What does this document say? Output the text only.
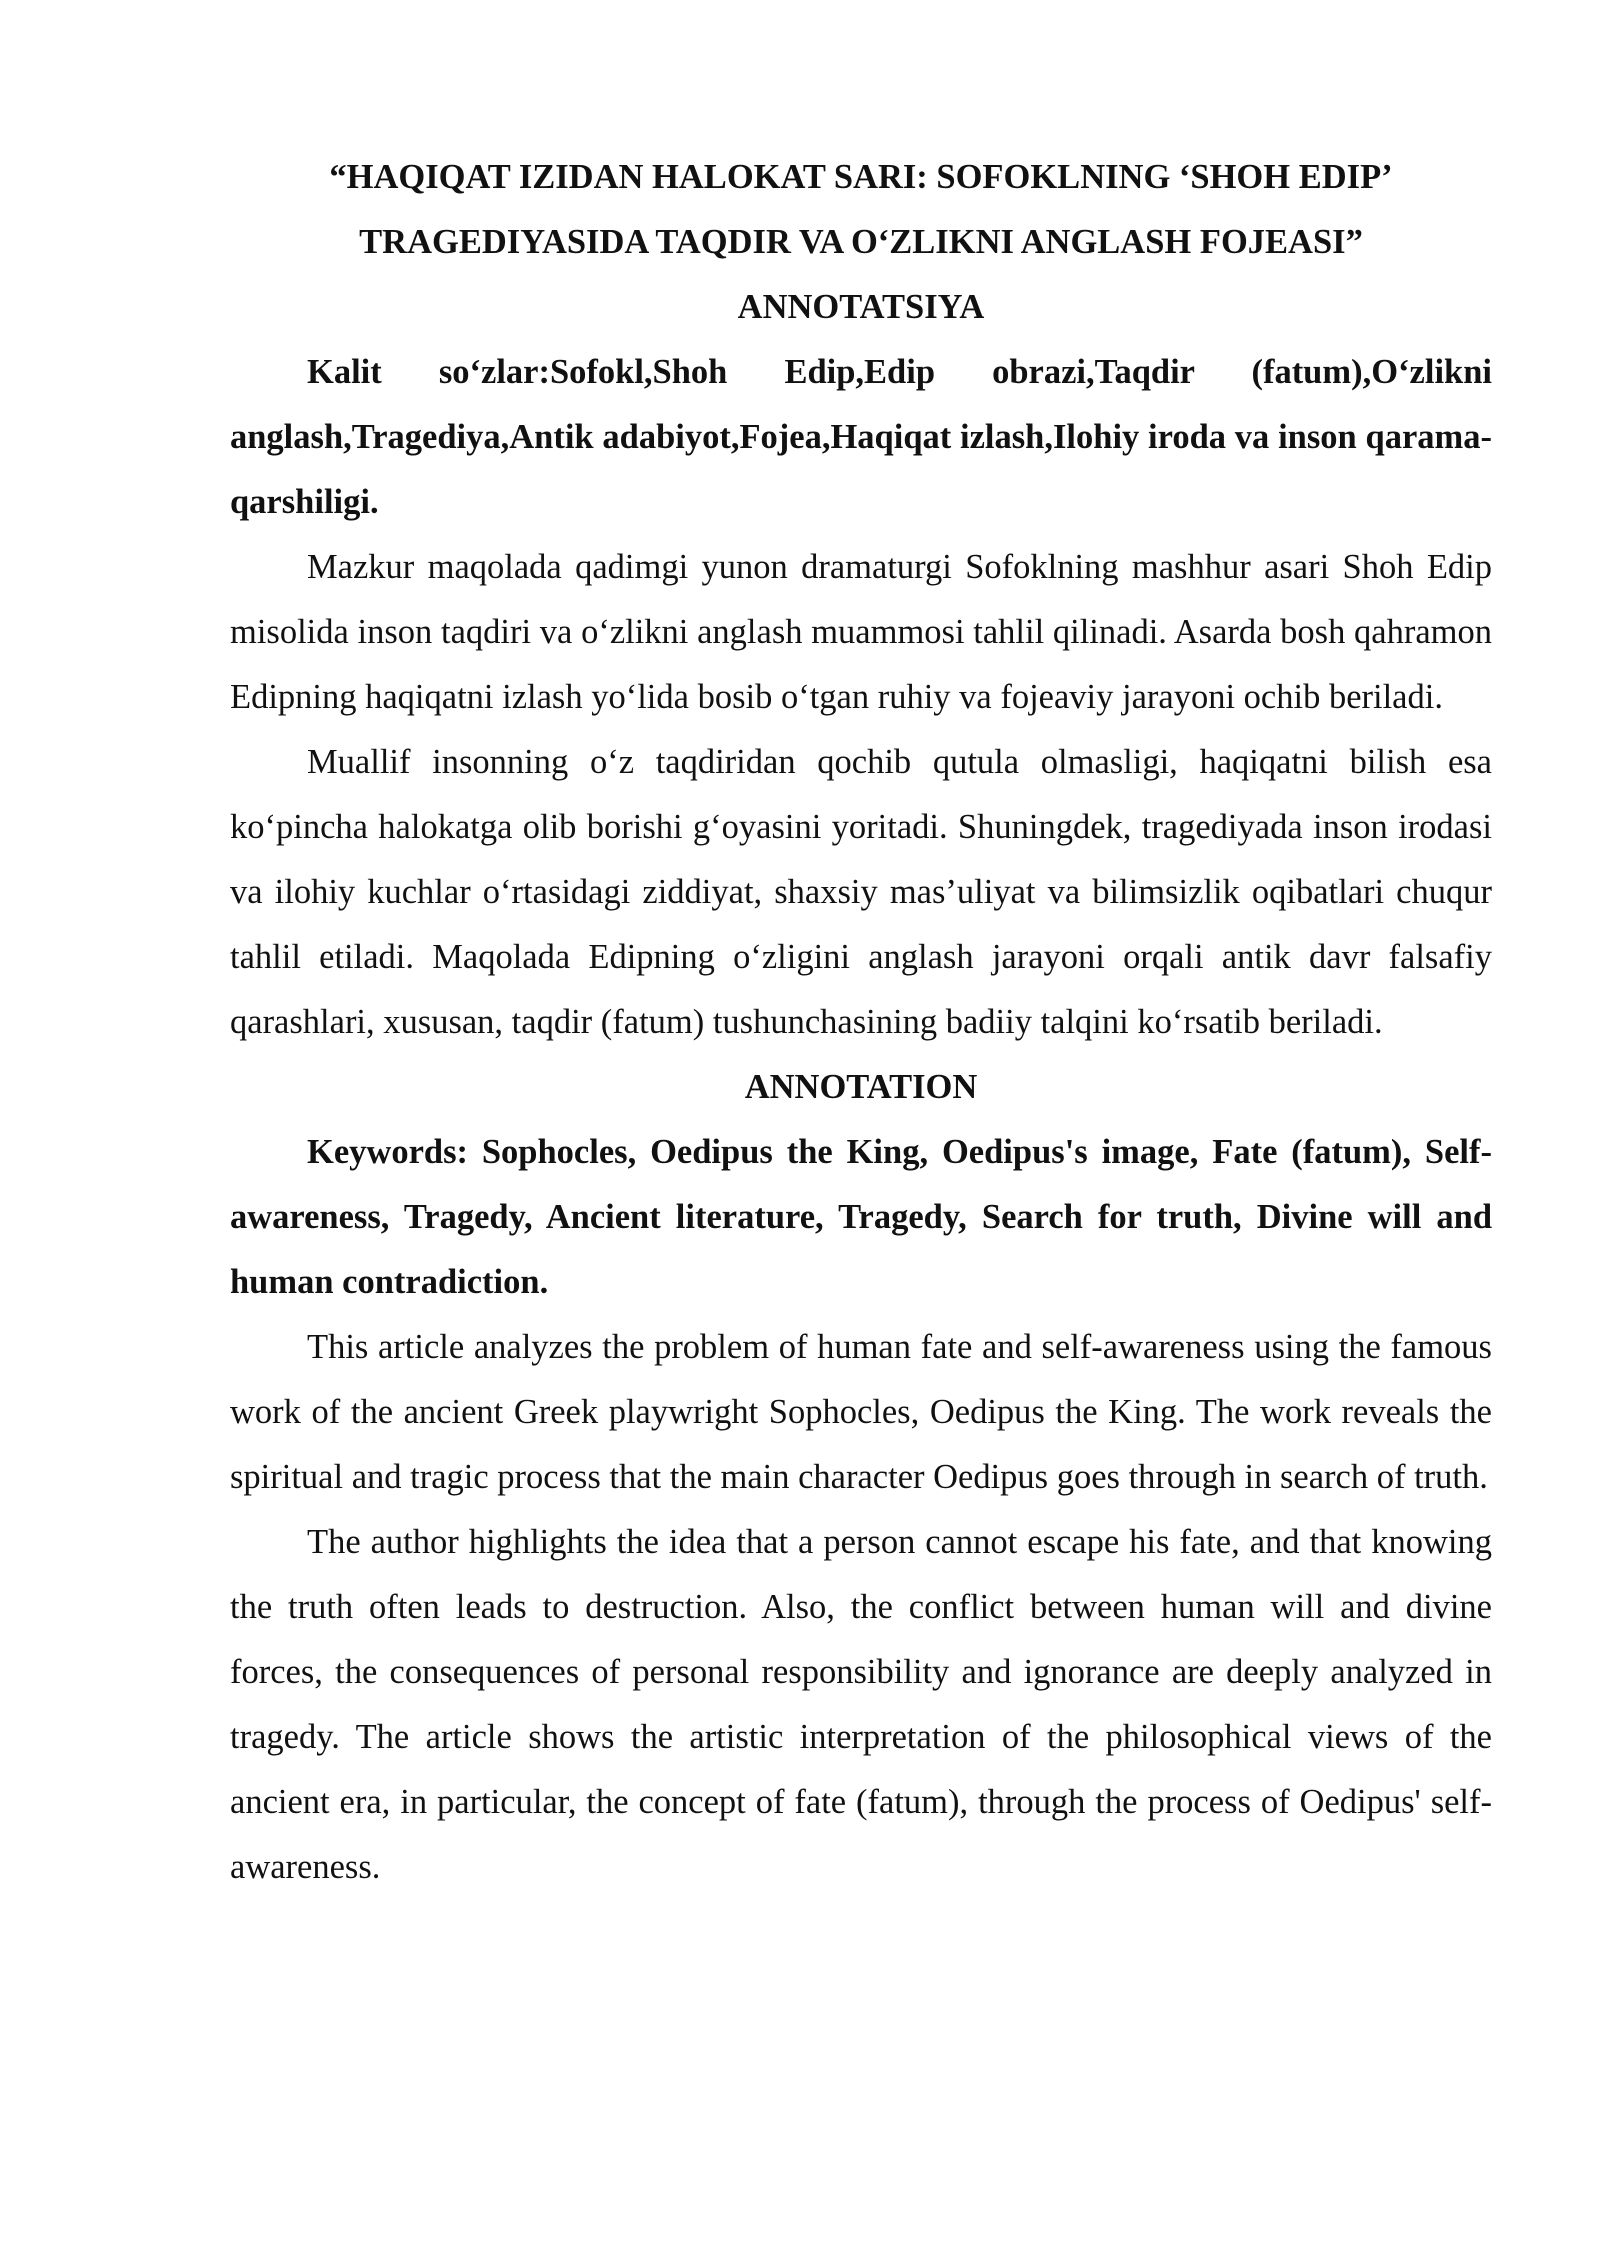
“HAQIQAT IZIDAN HALOKAT SARI: SOFOKLNING ‘SHOH EDIP’

TRAGEDIYASIDA TAQDIR VA O‘ZLIKNI ANGLASH FOJEASI”

ANNOTATSIYA

Kalit so‘zlar:Sofokl,Shoh Edip,Edip obrazi,Taqdir (fatum),O‘zlikni anglash,Tragediya,Antik adabiyot,Fojea,Haqiqat izlash,Ilohiy iroda va inson qarama-qarshiligi.

Mazkur maqolada qadimgi yunon dramaturgi Sofoklning mashhur asari Shoh Edip misolida inson taqdiri va o‘zlikni anglash muammosi tahlil qilinadi. Asarda bosh qahramon Edipning haqiqatni izlash yo‘lida bosib o‘tgan ruhiy va fojeaviy jarayoni ochib beriladi.

Muallif insonning o‘z taqdiridan qochib qutula olmasligi, haqiqatni bilish esa ko‘pincha halokatga olib borishi g‘oyasini yoritadi. Shuningdek, tragediyada inson irodasi va ilohiy kuchlar o‘rtasidagi ziddiyat, shaxsiy mas’uliyat va bilimsizlik oqibatlari chuqur tahlil etiladi. Maqolada Edipning o‘zligini anglash jarayoni orqali antik davr falsafiy qarashlari, xususan, taqdir (fatum) tushunchasining badiiy talqini ko‘rsatib beriladi.

ANNOTATION

Keywords: Sophocles, Oedipus the King, Oedipus's image, Fate (fatum), Self-awareness, Tragedy, Ancient literature, Tragedy, Search for truth, Divine will and human contradiction.

This article analyzes the problem of human fate and self-awareness using the famous work of the ancient Greek playwright Sophocles, Oedipus the King. The work reveals the spiritual and tragic process that the main character Oedipus goes through in search of truth.

The author highlights the idea that a person cannot escape his fate, and that knowing the truth often leads to destruction. Also, the conflict between human will and divine forces, the consequences of personal responsibility and ignorance are deeply analyzed in tragedy. The article shows the artistic interpretation of the philosophical views of the ancient era, in particular, the concept of fate (fatum), through the process of Oedipus' self-awareness.
